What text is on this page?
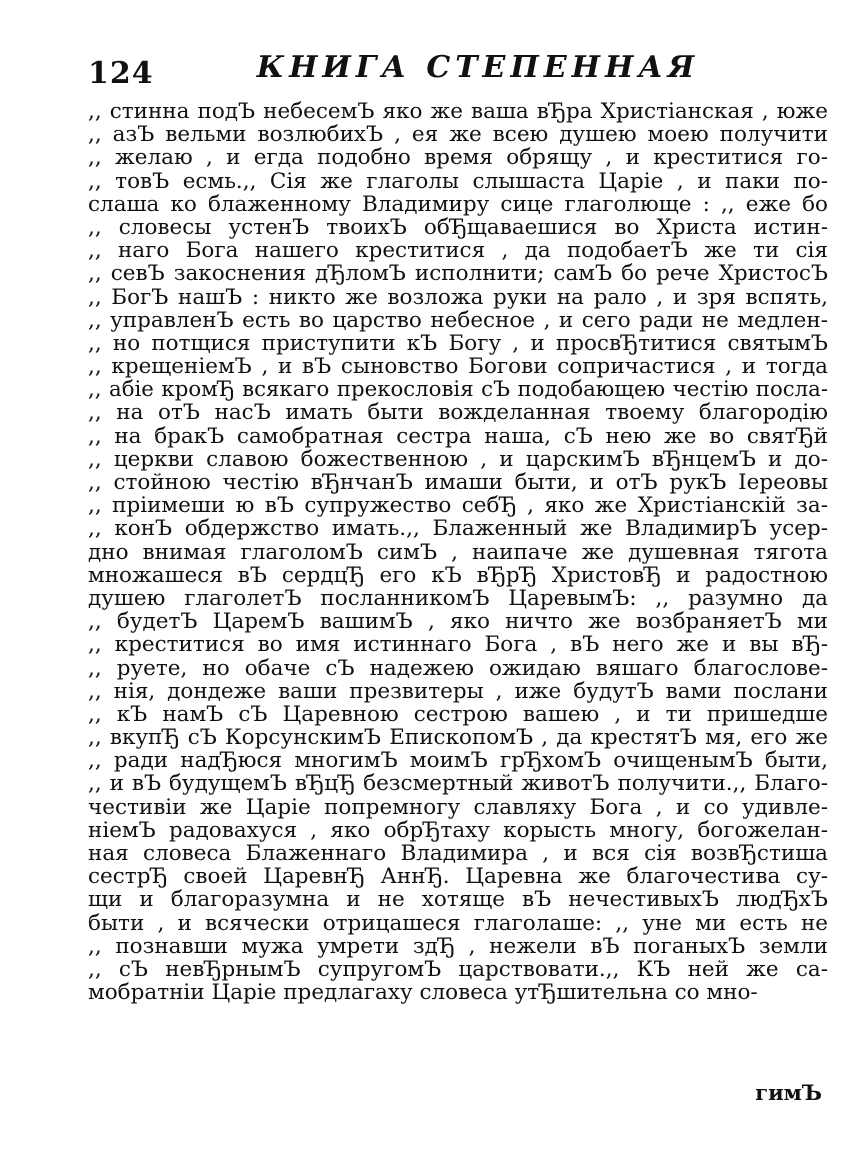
124	КНИГА СТЕПЕННАЯ
,, стинна подЪ небесемЪ яко же ваша вЂра Христіанская , юже
,, азЪ вельми возлюбихЪ , ея же всею душею моею получити
,, желаю , и егда подобно время обрящу , и креститися го-
,, товЪ есмь.,, Сія же глаголы слышаста Царіе , и паки по-
слаша ко блаженному Владимиру сице глаголюще : ,, еже бо
,, словесы устенЪ твоихЪ обЂщаваешися во Христа истин-
,, наго Бога нашего креститися , да подобаетЪ же ти сія
,, севЪ закоснения дЂломЪ исполнити; самЪ бо рече ХристосЪ
,, БогЪ нашЪ : никто же возложа руки на рало , и зря вспять,
,, управленЪ есть во царство небесное , и сего ради не медлен-
,, но потщися приступити кЪ Богу , и просвЂтитися святымЪ
,, крещеніемЪ , и вЪ сыновство Богови сопричастися , и тогда
,, абіе кромЂ всякаго прекословія сЪ подобающею честію посла-
,, на отЪ насЪ имать быти вожделанная твоему благородію
,, на бракЪ самобратная сестра наша, сЪ нею же во святЂй
,, церкви славою божественною , и царскимЪ вЂнцемЪ и до-
,, стойною честію вЂнчанЪ имаши быти, и отЪ рукЪ Іереовы
,, пріимеши ю вЪ супружество себЂ , яко же Христіанскій за-
,, конЪ обдержство имать.,, Блаженный же ВладимирЪ усер-
дно внимая глаголомЪ симЪ , наипаче же душевная тягота
множашеся вЪ сердцЂ его кЪ вЂрЂ ХристовЂ и радостною
душею глаголетЪ посланникомЪ ЦаревымЪ: ,, разумно да
,, будетЪ ЦаремЪ вашимЪ , яко ничто же возбраняетЪ ми
,, креститися во имя истиннаго Бога , вЪ него же и вы вЂ-
,, руете, но обаче сЪ надежею ожидаю вяшаго благослове-
,, нія, дондеже ваши презвитеры , иже будутЪ вами послани
,, кЪ намЪ сЪ Царевною сестрою вашею , и ти пришедше
,, вкупЂ сЪ КорсунскимЪ ЕпископомЪ , да крестятЪ мя, его же
,, ради надЂюся многимЪ моимЪ грЂхомЪ очищенымЪ быти,
,, и вЪ будущемЪ вЂцЂ безсмертный животЪ получити.,, Благо-
честивіи же Царіе попремногу славляху Бога , и со удивле-
ніемЪ радовахуся , яко обрЂтаху корысть многу, богожелан-
ная словеса Блаженнаго Владимира , и вся сія возвЂстиша
сестрЂ своей ЦаревнЂ АннЂ. Царевна же благочестива су-
щи и благоразумна и не хотяще вЪ нечестивыхЪ людЂхЪ
быти , и всячески отрицашеся глаголаше: ,, уне ми есть не
,, познавши мужа умрети здЂ , нежели вЪ поганыхЪ земли
,, сЪ невЂрнымЪ супругомЪ царствовати.,, КЪ ней же са-
мобратніи Царіе предлагаху словеса утЂшительна со мно-
гимЪ
